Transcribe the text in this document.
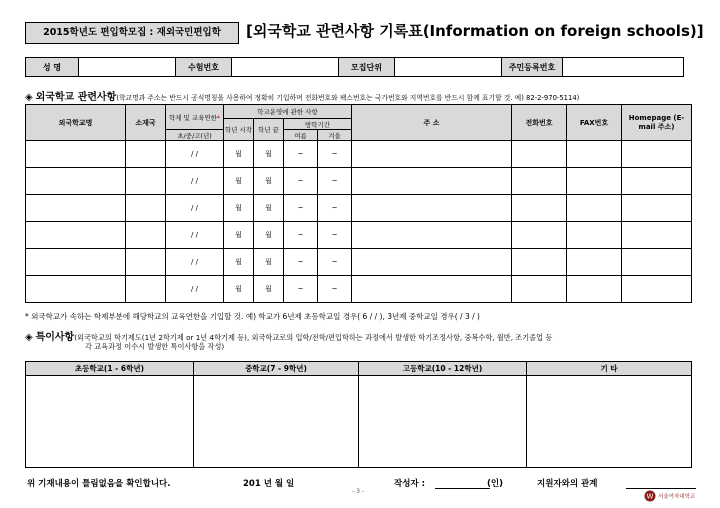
2015학년도 편입학모집 : 재외국민편입학	[외국학교 관련사항 기록표(Information on foreign schools)]
성 명		수험번호		모집단위		주민등록번호	
◈ 외국학교 관련사항(학교명과 주소는 반드시 공식명칭을 사용하여 정확히 기입하며 전화번호와 팩스번호는 국가번호와 지역번호를 반드시 함께 표기할 것. 예) 82-2-970-5114)
외국학교명	소재국	학제 및 교육연한*	학교운영에 관한 사항				주 소	전화번호	FAX번호	Homepage (E-mail 주소)
			학년 시작	학년 끝	방학기간					
		초/중/고(년)			여름	겨울				
		/ /	월	월	~	~				
		/ /	월	월	~	~				
		/ /	월	월	~	~				
		/ /	월	월	~	~				
		/ /	월	월	~	~				
		/ /	월	월	~	~				
* 외국학교가 속하는 학제부분에 해당학교의 교육연한을 기입할 것. 예) 학교가 6년제 초등학교일 경우( 6 / / ), 3년제 중학교일 경우( / 3 / )
◈ 특이사항(외국학교의 학기제도(1년 2학기제 or 1년 4학기제 등), 외국학교로의 입학/전학/편입학하는 과정에서 발생한 학기조정사항, 중복수학, 월반, 조기졸업 등
각 교육과정 이수시 발생한 특이사항을 작성)
초등학교(1 - 6학년)	중학교(7 - 9학년)	고등학교(10 - 12학년)	기 타

위 기재내용이 틀림없음을 확인합니다.	201 년 월 일	작성자 :	(인)	지원자와의 관계
- 3 -
W 서울여자대학교
